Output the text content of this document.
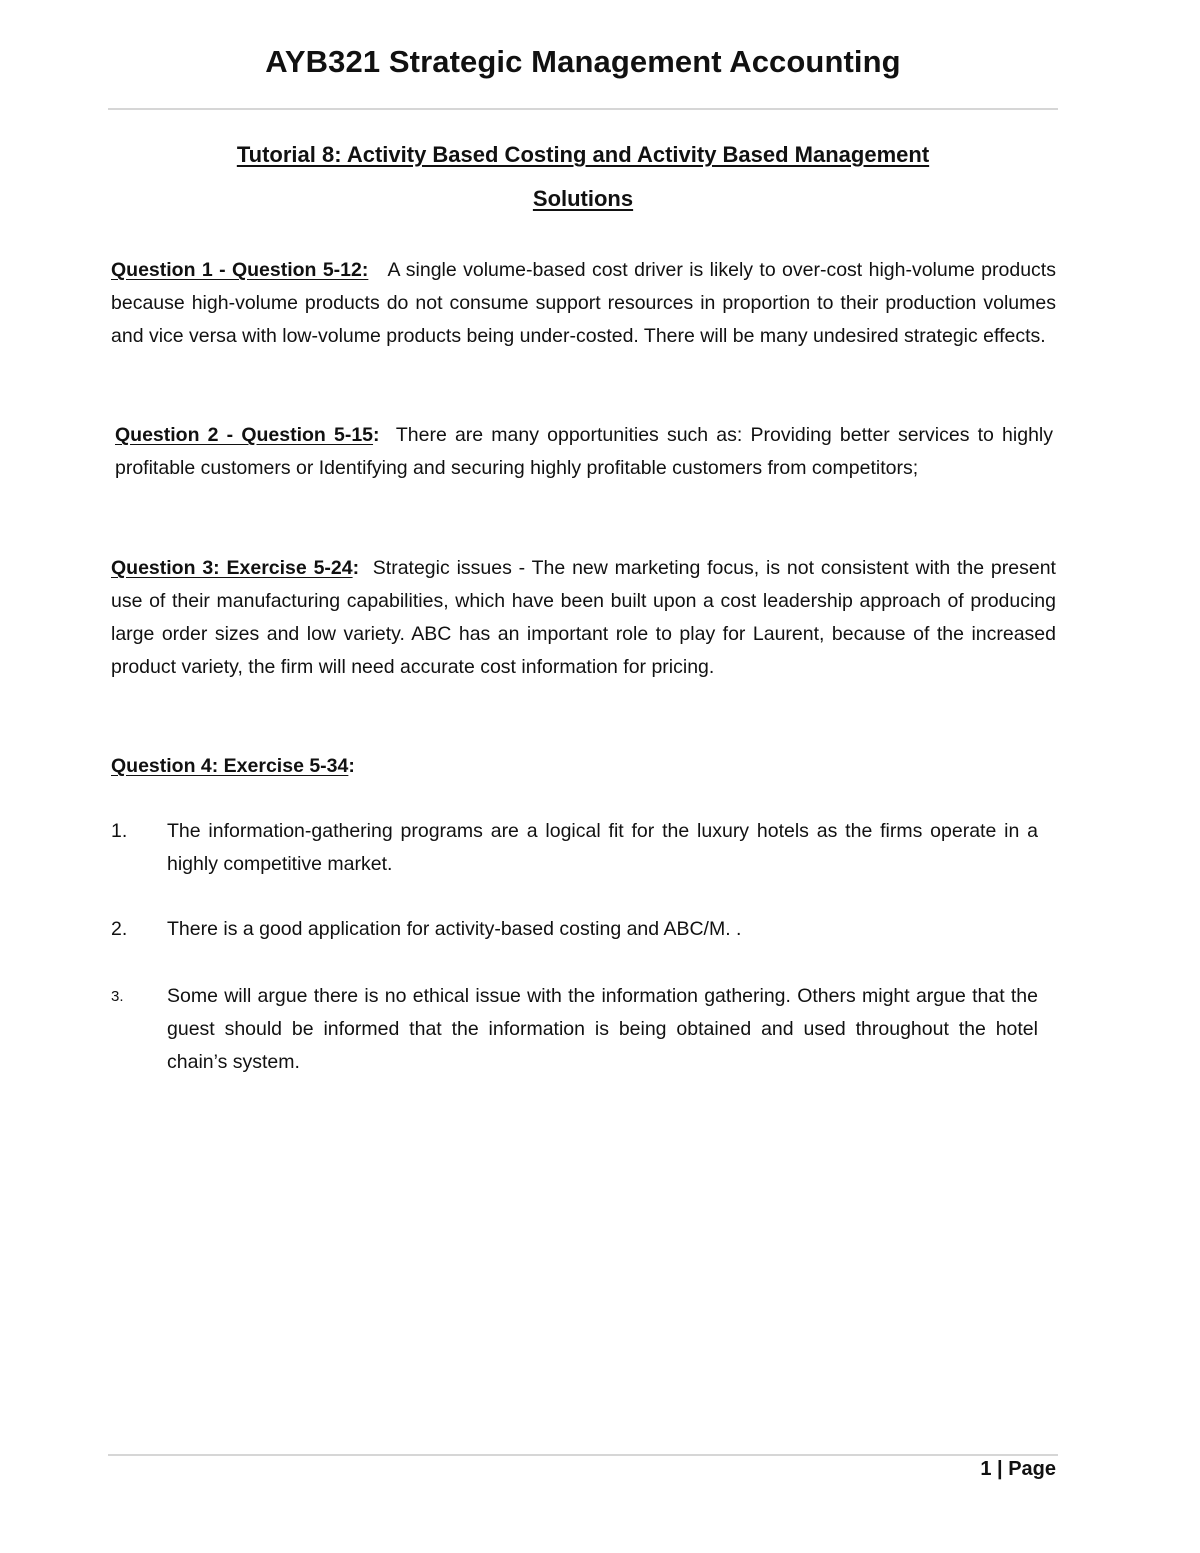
AYB321 Strategic Management Accounting
Tutorial 8: Activity Based Costing and Activity Based Management
Solutions
Question 1 - Question 5-12: A single volume-based cost driver is likely to over-cost high-volume products because high-volume products do not consume support resources in proportion to their production volumes and vice versa with low-volume products being under-costed. There will be many undesired strategic effects.
Question 2 - Question 5-15: There are many opportunities such as: Providing better services to highly profitable customers or Identifying and securing highly profitable customers from competitors;
Question 3: Exercise 5-24: Strategic issues - The new marketing focus, is not consistent with the present use of their manufacturing capabilities, which have been built upon a cost leadership approach of producing large order sizes and low variety. ABC has an important role to play for Laurent, because of the increased product variety, the firm will need accurate cost information for pricing.
Question 4: Exercise 5-34:
1.	The information-gathering programs are a logical fit for the luxury hotels as the firms operate in a highly competitive market.
2.	There is a good application for activity-based costing and ABC/M. .
3.	Some will argue there is no ethical issue with the information gathering. Others might argue that the guest should be informed that the information is being obtained and used throughout the hotel chain’s system.
1 | Page
